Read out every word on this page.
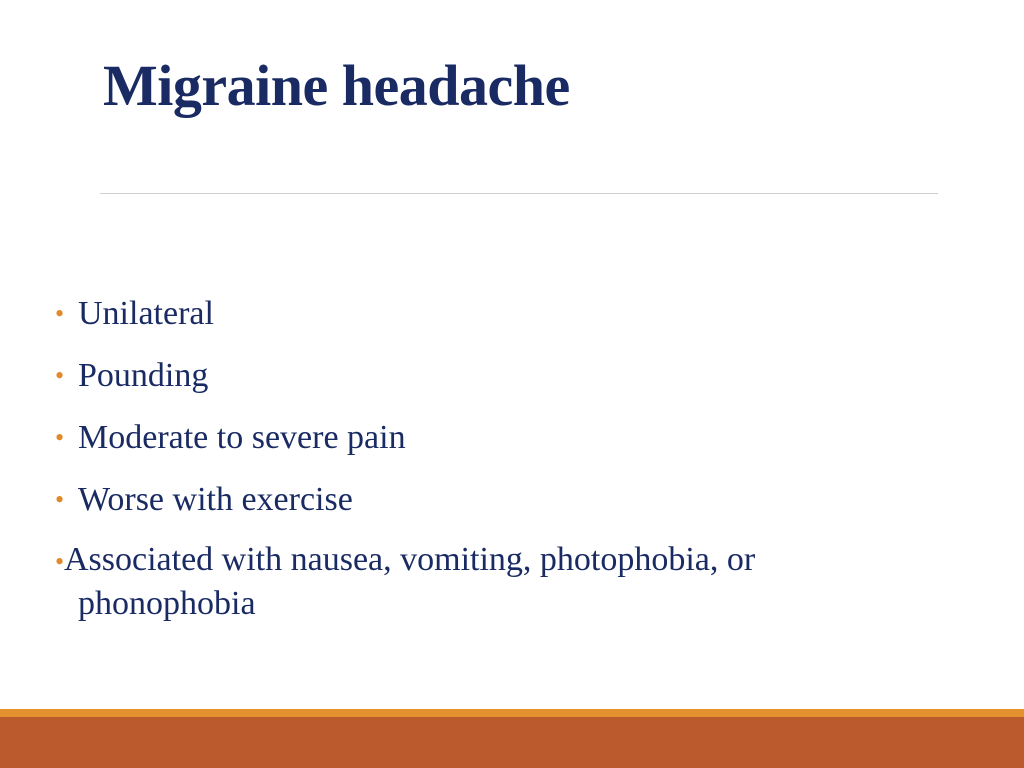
Migraine headache
• Unilateral
• Pounding
• Moderate to severe pain
• Worse with exercise
• Associated with nausea, vomiting, photophobia, or phonophobia
